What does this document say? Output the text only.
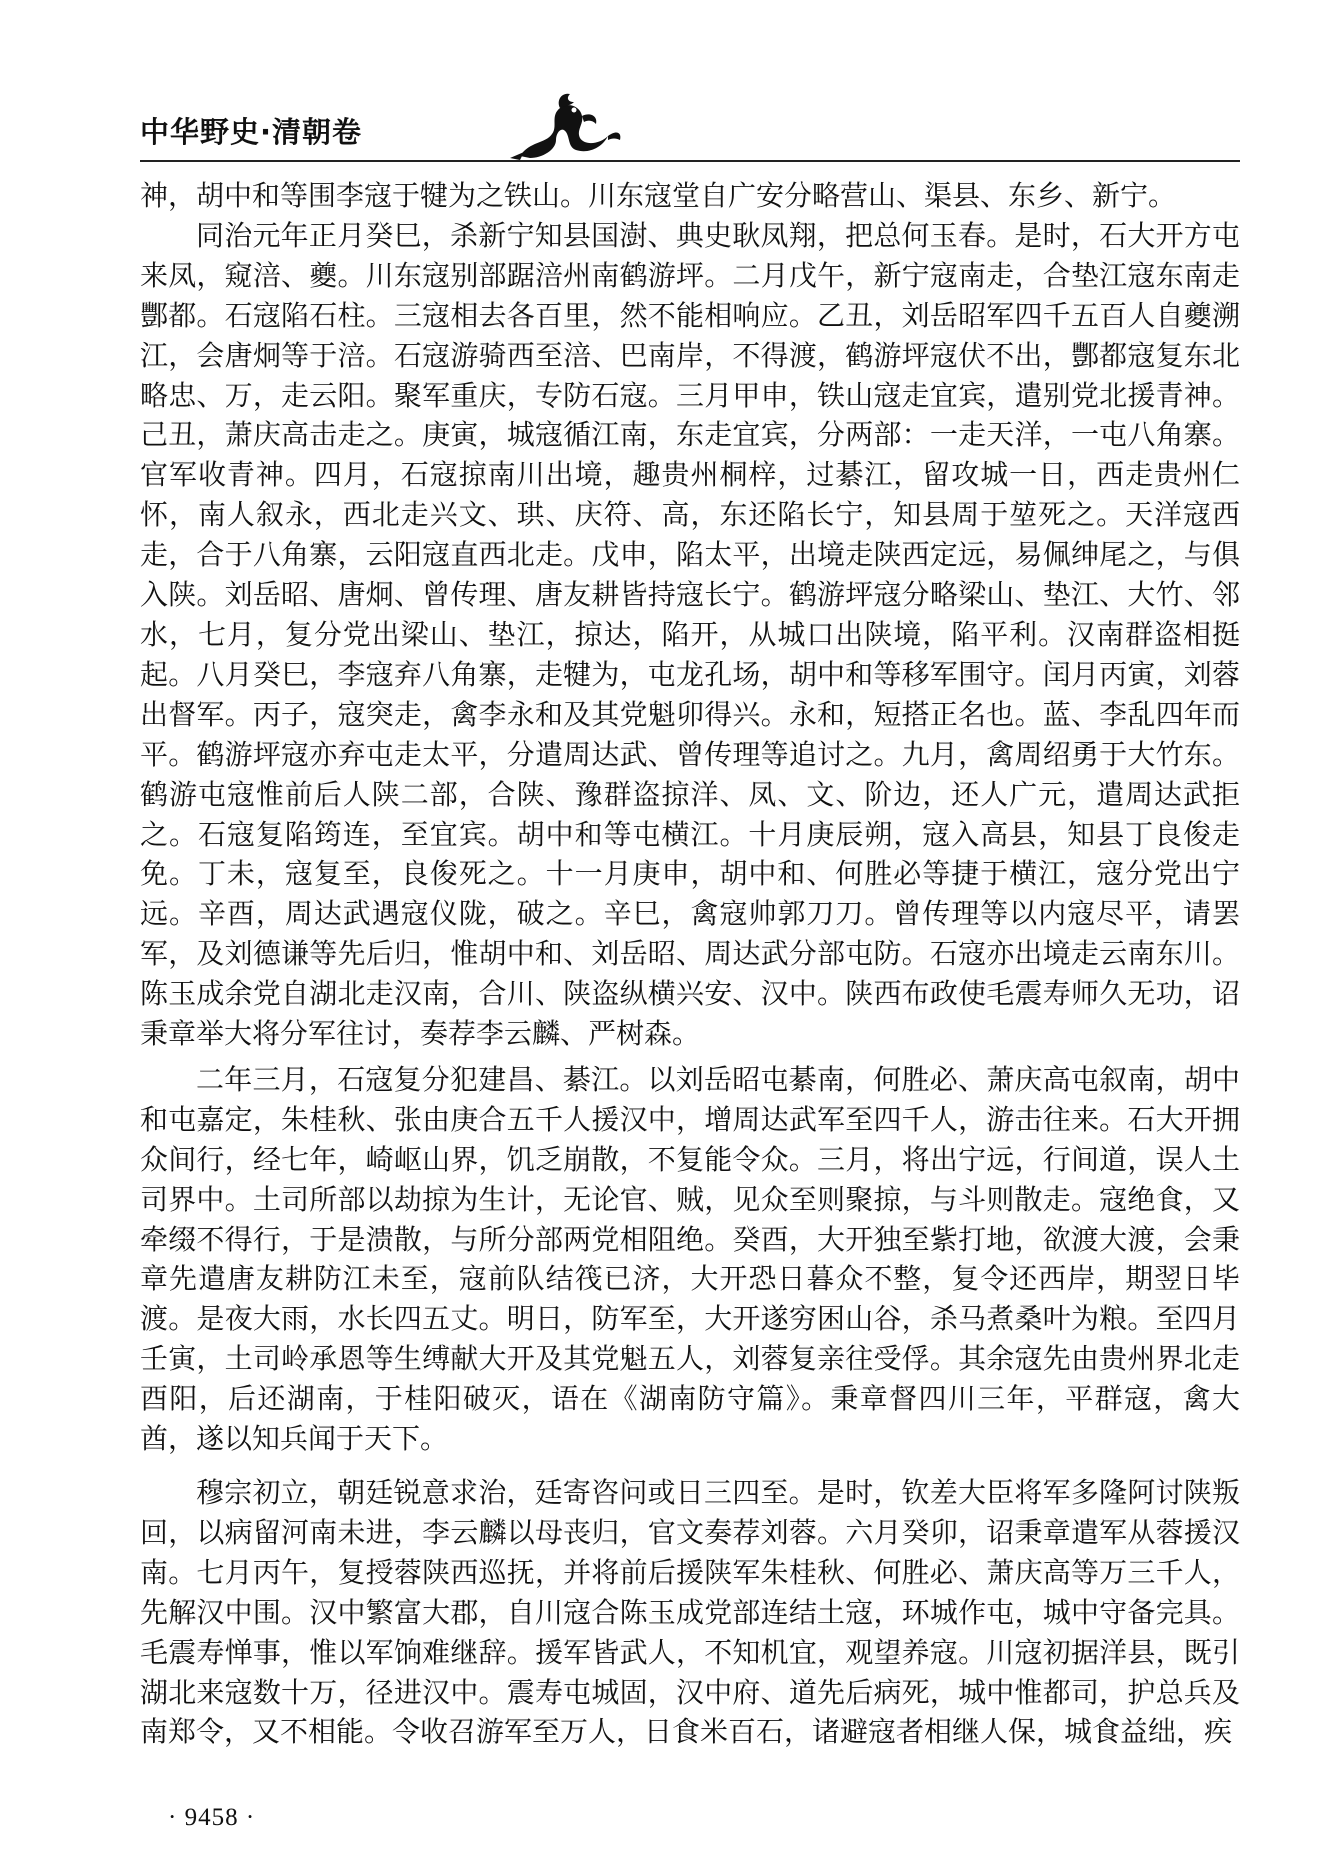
中华野史·清朝卷

神，胡中和等围李寇于犍为之铁山。川东寇堂自广安分略营山、渠县、东乡、新宁。

同治元年正月癸巳，杀新宁知县国澍、典史耿凤翔，把总何玉春。是时，石大开方屯来凤，窥涪、夔。川东寇别部踞涪州南鹤游坪。二月戊午，新宁寇南走，合垫江寇东南走酆都。石寇陷石柱。三寇相去各百里，然不能相响应。乙丑，刘岳昭军四千五百人自夔溯江，会唐炯等于涪。石寇游骑西至涪、巴南岸，不得渡，鹤游坪寇伏不出，酆都寇复东北略忠、万，走云阳。聚军重庆，专防石寇。三月甲申，铁山寇走宜宾，遣别党北援青神。己丑，萧庆高击走之。庚寅，城寇循江南，东走宜宾，分两部：一走天洋，一屯八角寨。官军收青神。四月，石寇掠南川出境，趣贵州桐梓，过綦江，留攻城一日，西走贵州仁怀，南人叙永，西北走兴文、珙、庆符、高，东还陷长宁，知县周于堃死之。天洋寇西走，合于八角寨，云阳寇直西北走。戊申，陷太平，出境走陕西定远，易佩绅尾之，与俱入陕。刘岳昭、唐炯、曾传理、唐友耕皆持寇长宁。鹤游坪寇分略梁山、垫江、大竹、邻水，七月，复分党出梁山、垫江，掠达，陷开，从城口出陕境，陷平利。汉南群盗相挺起。八月癸巳，李寇弃八角寨，走犍为，屯龙孔场，胡中和等移军围守。闰月丙寅，刘蓉出督军。丙子，寇突走，禽李永和及其党魁卯得兴。永和，短搭正名也。蓝、李乱四年而平。鹤游坪寇亦弃屯走太平，分遣周达武、曾传理等追讨之。九月，禽周绍勇于大竹东。鹤游屯寇惟前后人陕二部，合陕、豫群盗掠洋、凤、文、阶边，还人广元，遣周达武拒之。石寇复陷筠连，至宜宾。胡中和等屯横江。十月庚辰朔，寇入高县，知县丁良俊走免。丁未，寇复至，良俊死之。十一月庚申，胡中和、何胜必等捷于横江，寇分党出宁远。辛酉，周达武遇寇仪陇，破之。辛巳，禽寇帅郭刀刀。曾传理等以内寇尽平，请罢军，及刘德谦等先后归，惟胡中和、刘岳昭、周达武分部屯防。石寇亦出境走云南东川。陈玉成余党自湖北走汉南，合川、陕盗纵横兴安、汉中。陕西布政使毛震寿师久无功，诏秉章举大将分军往讨，奏荐李云麟、严树森。

二年三月，石寇复分犯建昌、綦江。以刘岳昭屯綦南，何胜必、萧庆高屯叙南，胡中和屯嘉定，朱桂秋、张由庚合五千人援汉中，增周达武军至四千人，游击往来。石大开拥众间行，经七年，崎岖山界，饥乏崩散，不复能令众。三月，将出宁远，行间道，误人土司界中。土司所部以劫掠为生计，无论官、贼，见众至则聚掠，与斗则散走。寇绝食，又牵缀不得行，于是溃散，与所分部两党相阻绝。癸酉，大开独至紫打地，欲渡大渡，会秉章先遣唐友耕防江未至，寇前队结筏已济，大开恐日暮众不整，复令还西岸，期翌日毕渡。是夜大雨，水长四五丈。明日，防军至，大开遂穷困山谷，杀马煮桑叶为粮。至四月壬寅，土司岭承恩等生缚献大开及其党魁五人，刘蓉复亲往受俘。其余寇先由贵州界北走酉阳，后还湖南，于桂阳破灭，语在《湖南防守篇》。秉章督四川三年，平群寇，禽大酋，遂以知兵闻于天下。

穆宗初立，朝廷锐意求治，廷寄咨问或日三四至。是时，钦差大臣将军多隆阿讨陕叛回，以病留河南未进，李云麟以母丧归，官文奏荐刘蓉。六月癸卯，诏秉章遣军从蓉援汉南。七月丙午，复授蓉陕西巡抚，并将前后援陕军朱桂秋、何胜必、萧庆高等万三千人，先解汉中围。汉中繁富大郡，自川寇合陈玉成党部连结土寇，环城作屯，城中守备完具。毛震寿惮事，惟以军饷难继辞。援军皆武人，不知机宜，观望养寇。川寇初据洋县，既引湖北来寇数十万，径进汉中。震寿屯城固，汉中府、道先后病死，城中惟都司，护总兵及南郑令，又不相能。令收召游军至万人，日食米百石，诸避寇者相继人保，城食益绌，疾

· 9458 ·
